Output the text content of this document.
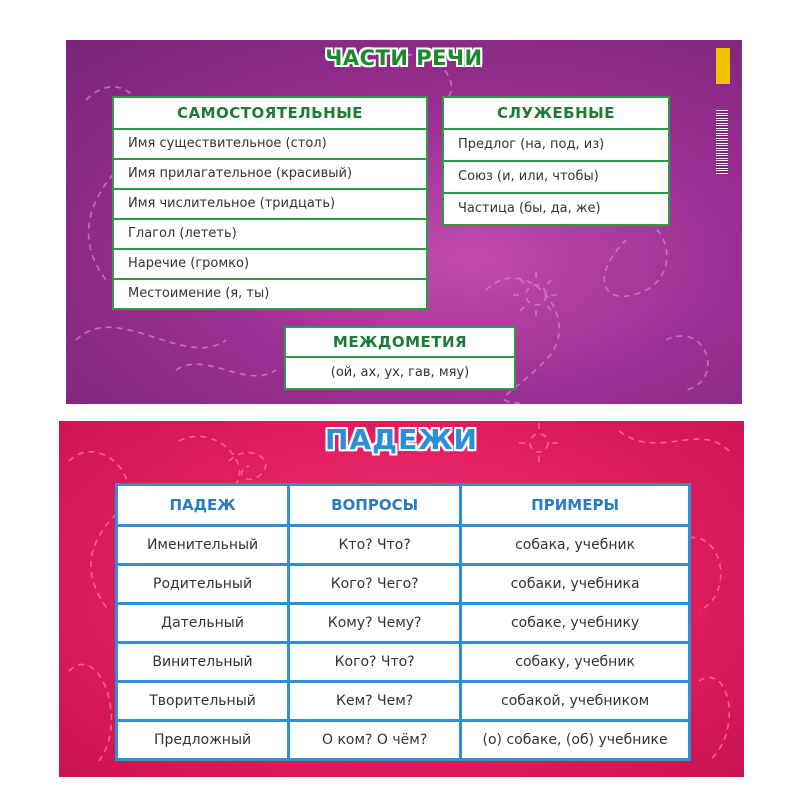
ЧАСТИ РЕЧИ
САМОСТОЯТЕЛЬНЫЕ
Имя существительное (стол)
Имя прилагательное (красивый)
Имя числительное (тридцать)
Глагол (лететь)
Наречие (громко)
Местоимение (я, ты)
СЛУЖЕБНЫЕ
Предлог (на, под, из)
Союз (и, или, чтобы)
Частица (бы, да, же)
МЕЖДОМЕТИЯ
(ой, ах, ух, гав, мяу)
ПАДЕЖИ
ПАДЕЖ	ВОПРОСЫ	ПРИМЕРЫ
Именительный	Кто? Что?	собака, учебник
Родительный	Кого? Чего?	собаки, учебника
Дательный	Кому? Чему?	собаке, учебнику
Винительный	Кого? Что?	собаку, учебник
Творительный	Кем? Чем?	собакой, учебником
Предложный	О ком? О чём?	(о) собаке, (об) учебнике
